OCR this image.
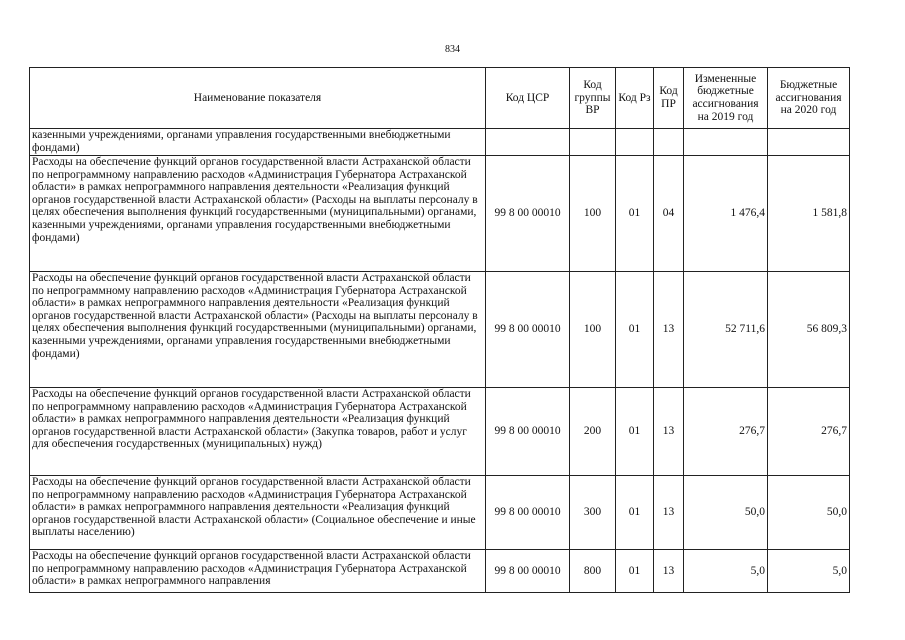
834
Наименование показателя	Код ЦСР	Код группы ВР	Код Рз	Код ПР	Измененные бюджетные ассигнования на 2019 год	Бюджетные ассигнования на 2020 год
казенными учреждениями, органами управления государственными внебюджетными фондами)						
Расходы на обеспечение функций органов государственной власти Астраханской области по непрограммному направлению расходов «Администрация Губернатора Астраханской области» в рамках непрограммного направления деятельности «Реализация функций органов государственной власти Астраханской области» (Расходы на выплаты персоналу в целях обеспечения выполнения функций государственными (муниципальными) органами, казенными учреждениями, органами управления государственными внебюджетными фондами)	99 8 00 00010	100	01	04	1 476,4	1 581,8
Расходы на обеспечение функций органов государственной власти Астраханской области по непрограммному направлению расходов «Администрация Губернатора Астраханской области» в рамках непрограммного направления деятельности «Реализация функций органов государственной власти Астраханской области» (Расходы на выплаты персоналу в целях обеспечения выполнения функций государственными (муниципальными) органами, казенными учреждениями, органами управления государственными внебюджетными фондами)	99 8 00 00010	100	01	13	52 711,6	56 809,3
Расходы на обеспечение функций органов государственной власти Астраханской области по непрограммному направлению расходов «Администрация Губернатора Астраханской области» в рамках непрограммного направления деятельности «Реализация функций органов государственной власти Астраханской области» (Закупка товаров, работ и услуг для обеспечения государственных (муниципальных) нужд)	99 8 00 00010	200	01	13	276,7	276,7
Расходы на обеспечение функций органов государственной власти Астраханской области по непрограммному направлению расходов «Администрация Губернатора Астраханской области» в рамках непрограммного направления деятельности «Реализация функций органов государственной власти Астраханской области» (Социальное обеспечение и иные выплаты населению)	99 8 00 00010	300	01	13	50,0	50,0
Расходы на обеспечение функций органов государственной власти Астраханской области по непрограммному направлению расходов «Администрация Губернатора Астраханской области» в рамках непрограммного направления	99 8 00 00010	800	01	13	5,0	5,0
